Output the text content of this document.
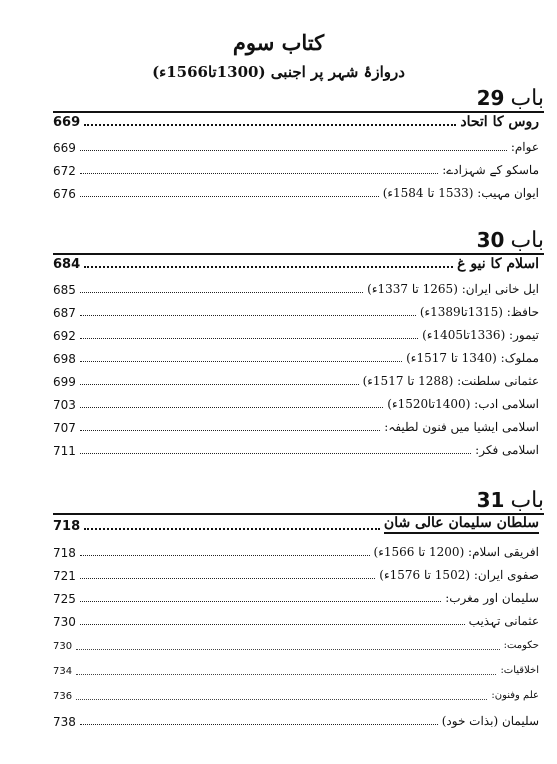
کتاب سوم
دروازۂ شہر پر اجنبی (1300تا1566ء)
باب
29
669	روس کا اتحاد
669	عوام:
672	ماسکو کے شہزادے:
676	ایوان مہیب: (1533 تا 1584ء)
باب
30
684	اسلام کا نیو غ
685	ایل خانی ایران: (1265 تا 1337ء)
687	حافظ: (1315تا1389ء)
692	تیمور: (1336تا1405ء)
698	مملوک: (1340 تا 1517ء)
699	عثمانی سلطنت: (1288 تا 1517ء)
703	اسلامی ادب: (1400تا1520ء)
707	اسلامی ایشیا میں فنون لطیفہ:
711	اسلامی فکر:
باب
31
718	سلطان سلیمان عالی شان
718	افریقی اسلام: (1200 تا 1566ء)
721	صفوی ایران: (1502 تا 1576ء)
725	سلیمان اور مغرب:
730	عثمانی تہذیب
730	حکومت:
734	اخلاقیات:
736	علم وفنون:
738	سلیمان (بذات خود)
